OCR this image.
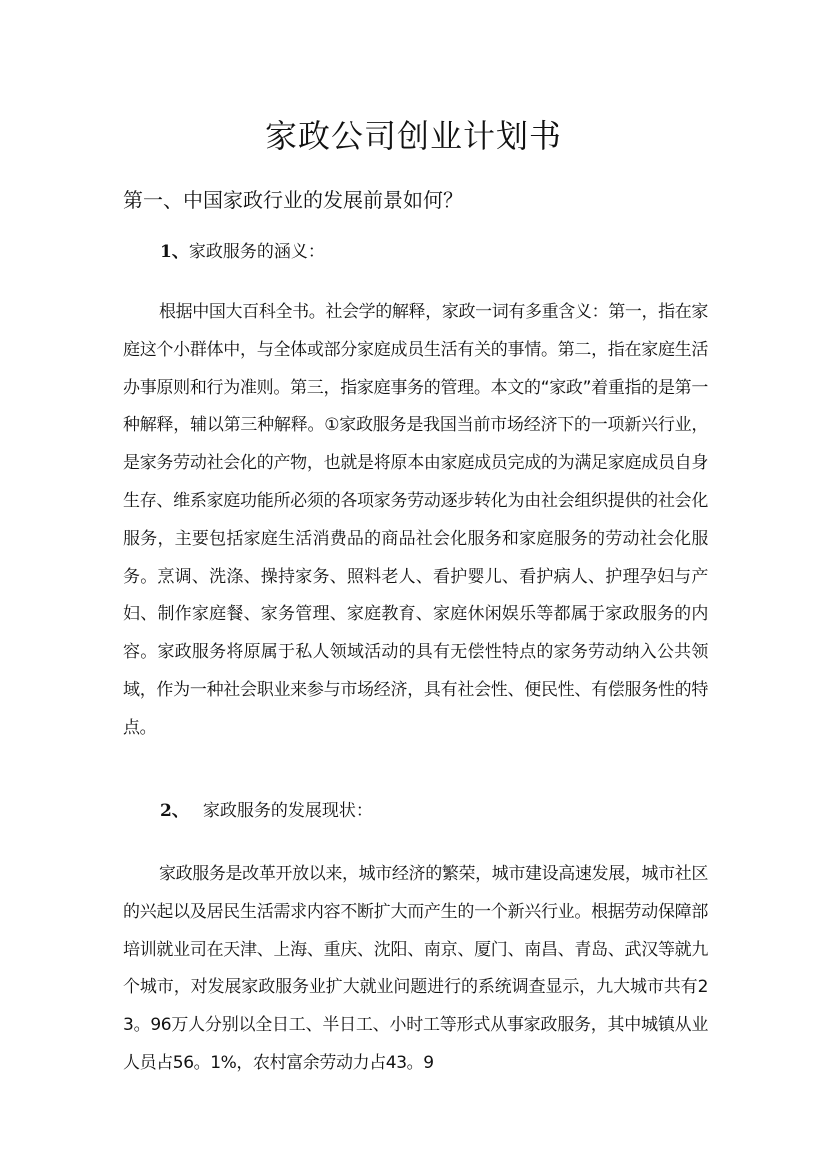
家政公司创业计划书
第一、中国家政行业的发展前景如何？
1、家政服务的涵义：

根据中国大百科全书。社会学的解释，家政一词有多重含义：第一，指在家庭这个小群体中，与全体或部分家庭成员生活有关的事情。第二，指在家庭生活办事原则和行为准则。第三，指家庭事务的管理。本文的“家政”着重指的是第一种解释，辅以第三种解释。①家政服务是我国当前市场经济下的一项新兴行业，是家务劳动社会化的产物，也就是将原本由家庭成员完成的为满足家庭成员自身生存、维系家庭功能所必须的各项家务劳动逐步转化为由社会组织提供的社会化服务，主要包括家庭生活消费品的商品社会化服务和家庭服务的劳动社会化服务。烹调、洗涤、操持家务、照料老人、看护婴儿、看护病人、护理孕妇与产妇、制作家庭餐、家务管理、家庭教育、家庭休闲娱乐等都属于家政服务的内容。家政服务将原属于私人领域活动的具有无偿性特点的家务劳动纳入公共领域，作为一种社会职业来参与市场经济，具有社会性、便民性、有偿服务性的特点。

2、 家政服务的发展现状：

家政服务是改革开放以来，城市经济的繁荣，城市建设高速发展，城市社区的兴起以及居民生活需求内容不断扩大而产生的一个新兴行业。根据劳动保障部培训就业司在天津、上海、重庆、沈阳、南京、厦门、南昌、青岛、武汉等就九个城市，对发展家政服务业扩大就业问题进行的系统调查显示，九大城市共有23。96万人分别以全日工、半日工、小时工等形式从事家政服务，其中城镇从业人员占56。1%，农村富余劳动力占43。9
